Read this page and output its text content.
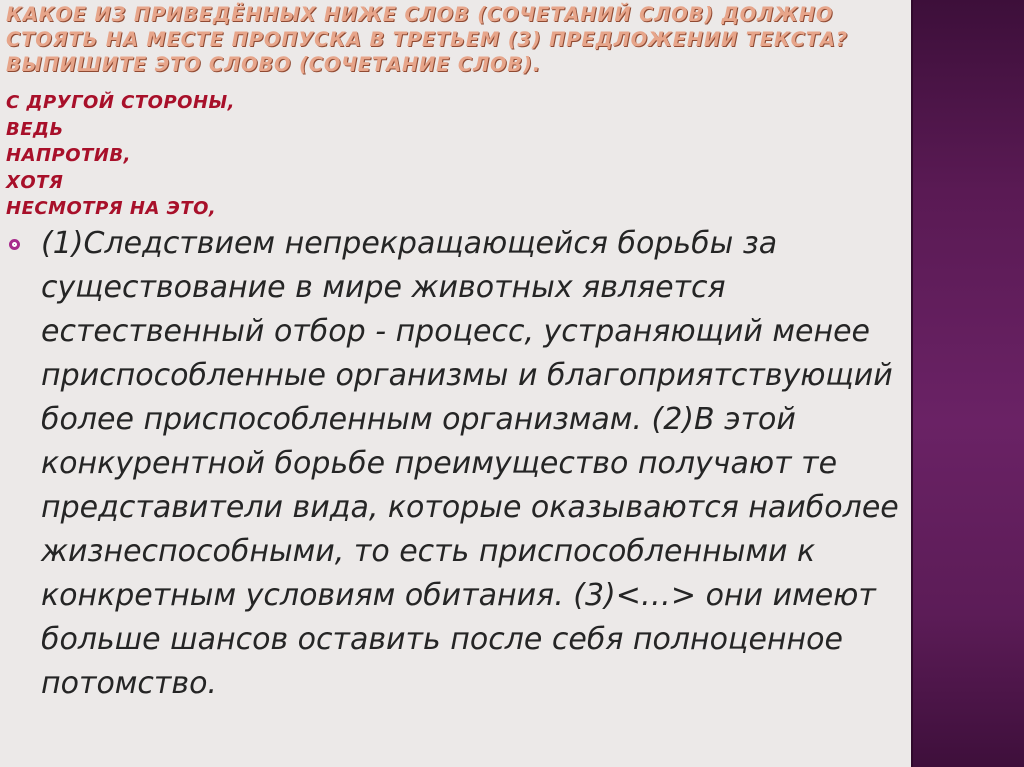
КАКОЕ ИЗ ПРИВЕДЁННЫХ НИЖЕ СЛОВ (СОЧЕТАНИЙ СЛОВ) ДОЛЖНО СТОЯТЬ НА МЕСТЕ ПРОПУСКА В ТРЕТЬЕМ (3) ПРЕДЛОЖЕНИИ ТЕКСТА? ВЫПИШИТЕ ЭТО СЛОВО (СОЧЕТАНИЕ СЛОВ).

С ДРУГОЙ СТОРОНЫ,
ВЕДЬ
НАПРОТИВ,
ХОТЯ
НЕСМОТРЯ НА ЭТО,

(1)Следствием непрекращающейся борьбы за существование в мире животных является естественный отбор - процесс, устраняющий менее приспособленные организмы и благоприятствующий более приспособленным организмам. (2)В этой конкурентной борьбе преимущество получают те представители вида, которые оказываются наиболее жизнеспособными, то есть приспособленными к конкретным условиям обитания. (3)<…> они имеют больше шансов оставить после себя полноценное потомство.
